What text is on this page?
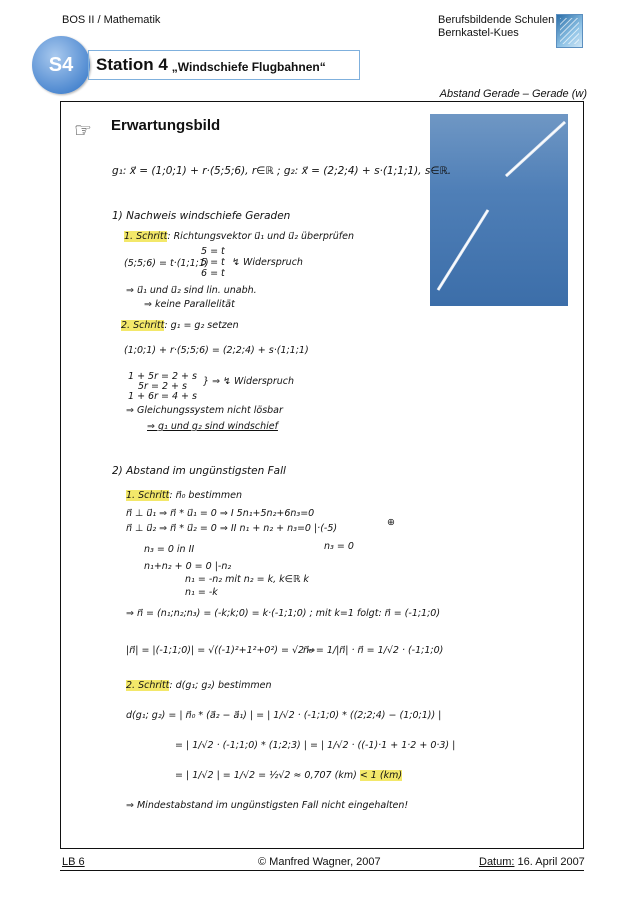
BOS II / Mathematik	Berufsbildende Schulen
Bernkastel-Kues
S4	Station 4 „Windschiefe Flugbahnen“
Abstand Gerade – Gerade (w)
☞ Erwartungsbild
g₁: x⃗ = (1;0;1) + r·(5;5;6), r∈ℝ ; g₂: x⃗ = (2;2;4) + s·(1;1;1), s∈ℝ.
1) Nachweis windschiefe Geraden
1. Schritt: Richtungsvektor u⃗₁ und u⃗₂ überprüfen
(5;5;6) = t·(1;1;1)
5 = t
5 = t
6 = t
↯ Widerspruch
⇒ u⃗₁ und u⃗₂ sind lin. unabh.
⇒ keine Parallelität
2. Schritt: g₁ = g₂ setzen
(1;0;1) + r·(5;5;6) = (2;2;4) + s·(1;1;1)
1 + 5r = 2 + s
5r = 2 + s
1 + 6r = 4 + s
} ⇒ ↯ Widerspruch
⇒ Gleichungssystem nicht lösbar
⇒ g₁ und g₂ sind windschief
2) Abstand im ungünstigsten Fall
1. Schritt: n⃗₀ bestimmen
n⃗ ⊥ u⃗₁ ⇒ n⃗ * u⃗₁ = 0 ⇒ I 5n₁+5n₂+6n₃=0
n⃗ ⊥ u⃗₂ ⇒ n⃗ * u⃗₂ = 0 ⇒ II n₁ + n₂ + n₃=0 |·(-5)
⊕
n₃ = 0
n₃ = 0 in II
n₁+n₂ + 0 = 0 |-n₂
n₁ = -n₂ mit n₂ = k, k∈ℝ k
n₁ = -k
⇒ n⃗ = (n₁;n₂;n₃) = (-k;k;0) = k·(-1;1;0) ; mit k=1 folgt: n⃗ = (-1;1;0)
|n⃗| = |(-1;1;0)| = √((-1)²+1²+0²) = √2 ⇒
n⃗₀ = 1/|n⃗| · n⃗ = 1/√2 · (-1;1;0)
2. Schritt: d(g₁; g₂) bestimmen
d(g₁; g₂) = | n⃗₀ * (a⃗₂ − a⃗₁) | = | 1/√2 · (-1;1;0) * ((2;2;4) − (1;0;1)) |
= | 1/√2 · (-1;1;0) * (1;2;3) | = | 1/√2 · ((-1)·1 + 1·2 + 0·3) |
= | 1/√2 | = 1/√2 = ½√2 ≈ 0,707 (km) < 1 (km)
⇒ Mindestabstand im ungünstigsten Fall nicht eingehalten!
LB 6	© Manfred Wagner, 2007	Datum: 16. April 2007
